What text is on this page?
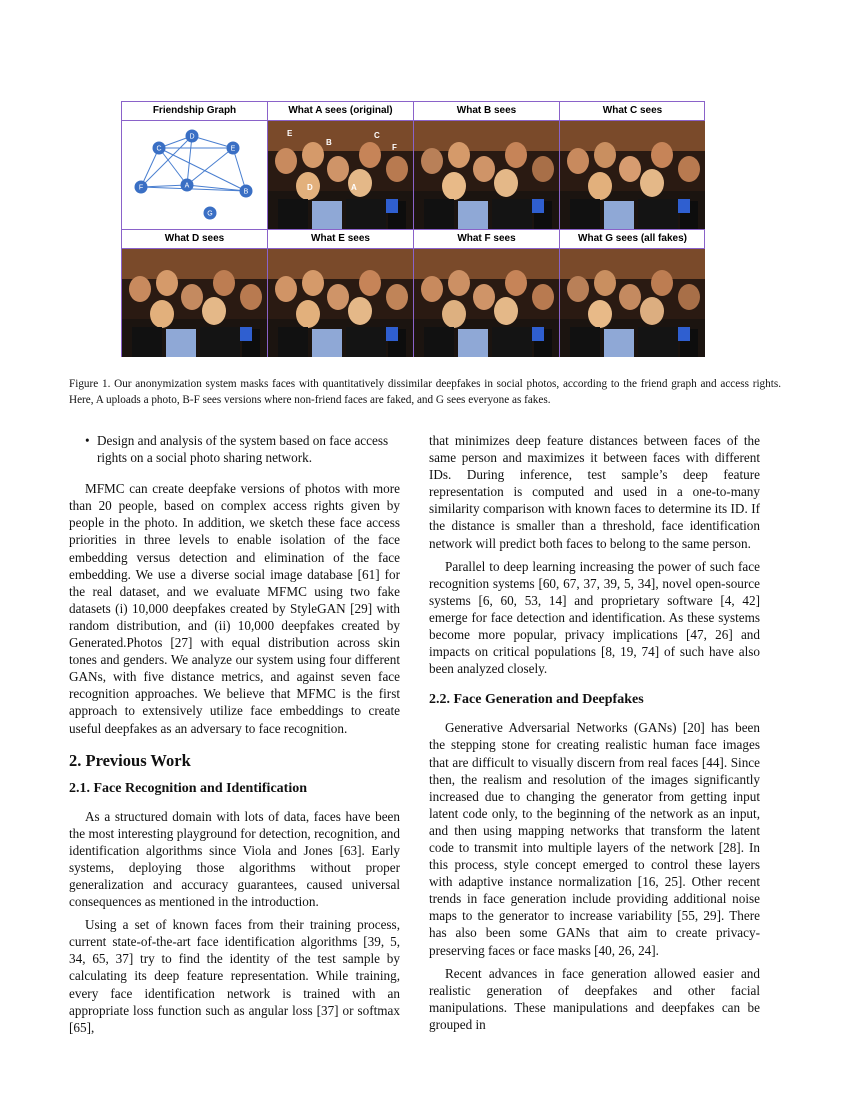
Friendship Graph
D
C	E
F	A
B
G
What A sees (original)
E
B
C
F
D	A
What B sees	What C sees
What D sees	What E sees	What F sees	What G sees (all fakes)
Figure 1. Our anonymization system masks faces with quantitatively dissimilar deepfakes in social photos, according to the friend graph and access rights. Here, A uploads a photo, B-F sees versions where non-friend faces are faked, and G sees everyone as fakes.
• Design and analysis of the system based on face access rights on a social photo sharing network.

MFMC can create deepfake versions of photos with more than 20 people, based on complex access rights given by people in the photo. In addition, we sketch these face access priorities in three levels to enable isolation of the face embedding versus detection and elimination of the face embedding. We use a diverse social image database [61] for the real dataset, and we evaluate MFMC using two fake datasets (i) 10,000 deepfakes created by StyleGAN [29] with random distribution, and (ii) 10,000 deepfakes created by Generated.Photos [27] with equal distribution across skin tones and genders. We analyze our system using four different GANs, with five distance metrics, and against seven face recognition approaches. We believe that MFMC is the first approach to extensively utilize face embeddings to create useful deepfakes as an adversary to face recognition.

2. Previous Work
2.1. Face Recognition and Identification

As a structured domain with lots of data, faces have been the most interesting playground for detection, recognition, and identification algorithms since Viola and Jones [63]. Early systems, deploying those algorithms without proper generalization and accuracy guarantees, caused universal consequences as mentioned in the introduction.

Using a set of known faces from their training process, current state-of-the-art face identification algorithms [39, 5, 34, 65, 37] try to find the identity of the test sample by calculating its deep feature representation. While training, every face identification network is trained with an appropriate loss function such as angular loss [37] or softmax [65],

that minimizes deep feature distances between faces of the same person and maximizes it between faces with different IDs. During inference, test sample’s deep feature representation is computed and used in a one-to-many similarity comparison with known faces to determine its ID. If the distance is smaller than a threshold, face identification network will predict both faces to belong to the same person.

Parallel to deep learning increasing the power of such face recognition systems [60, 67, 37, 39, 5, 34], novel open-source systems [6, 60, 53, 14] and proprietary software [4, 42] emerge for face detection and identification. As these systems become more popular, privacy implications [47, 26] and impacts on critical populations [8, 19, 74] of such have also been analyzed closely.

2.2. Face Generation and Deepfakes

Generative Adversarial Networks (GANs) [20] has been the stepping stone for creating realistic human face images that are difficult to visually discern from real faces [44]. Since then, the realism and resolution of the images significantly increased due to changing the generator from getting input latent code only, to the beginning of the network as an input, and then using mapping networks that transform the latent code to transmit into multiple layers of the network [28]. In this process, style concept emerged to control these layers with adaptive instance normalization [16, 25]. Other recent trends in face generation include providing additional noise maps to the generator to increase variability [55, 29]. There has also been some GANs that aim to create privacy-preserving faces or face masks [40, 26, 24].

Recent advances in face generation allowed easier and realistic generation of deepfakes and other facial manipulations. These manipulations and deepfakes can be grouped in
